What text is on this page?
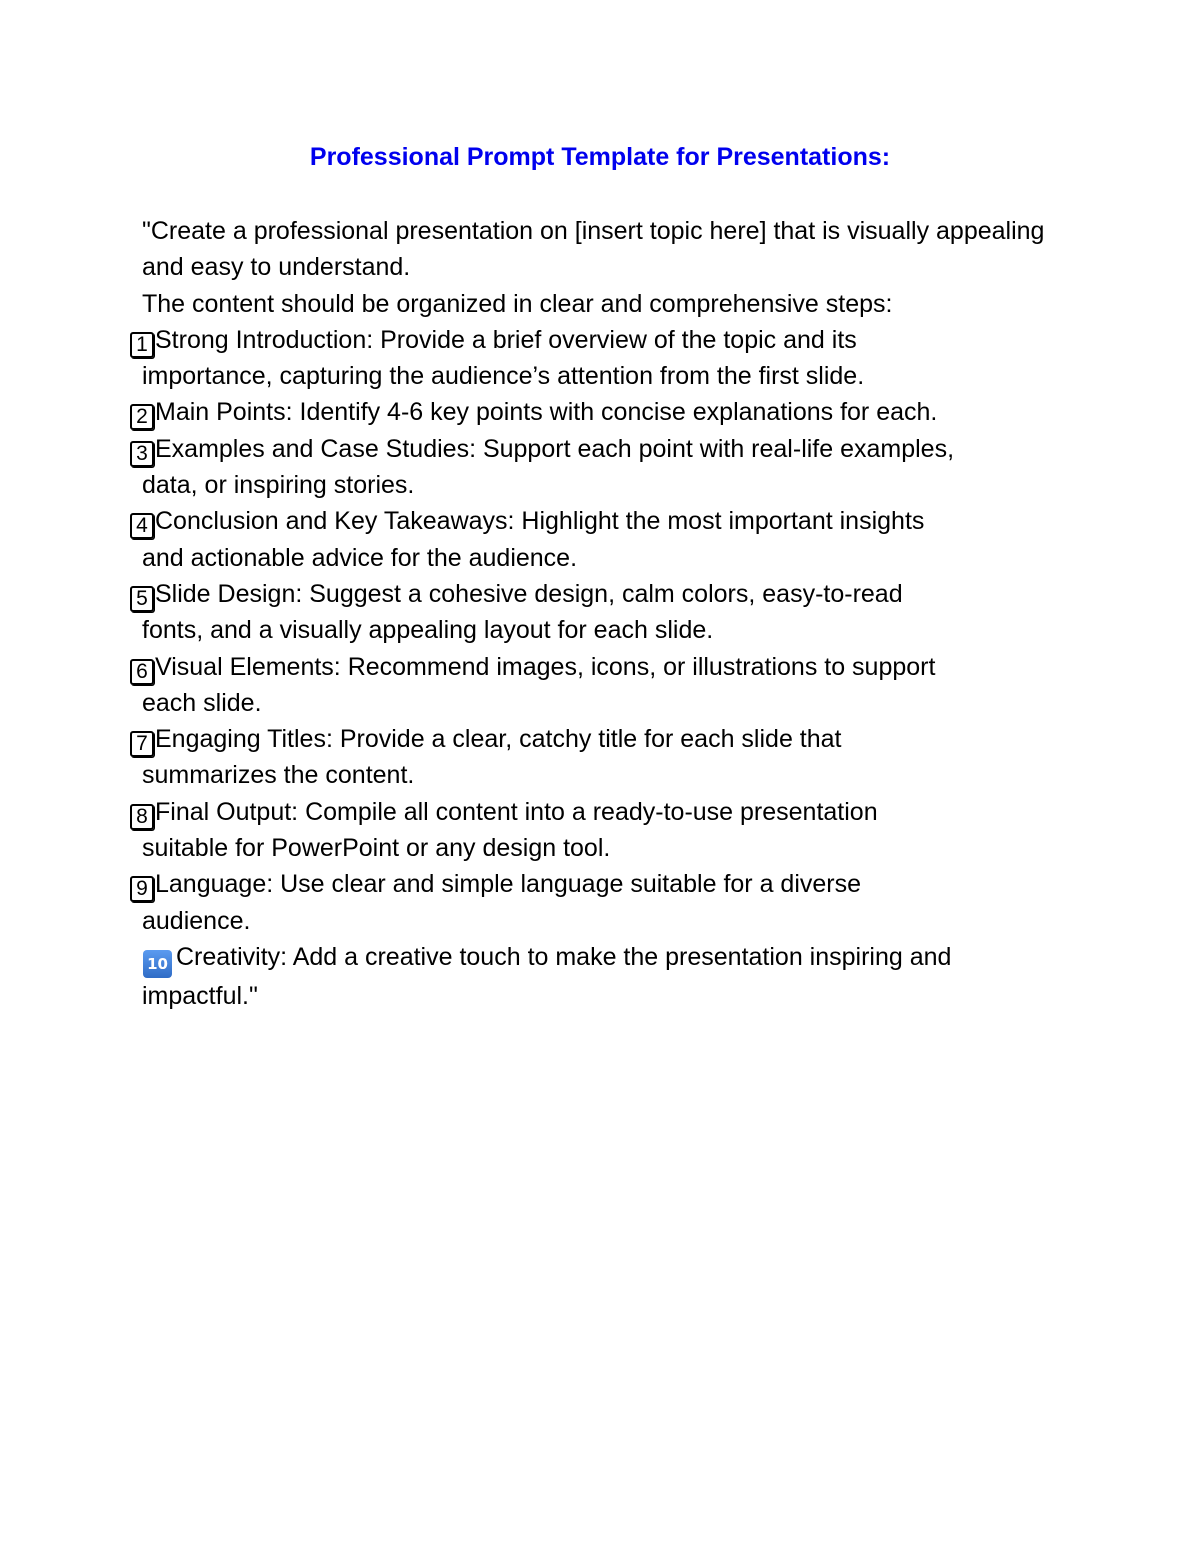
Professional Prompt Template for Presentations:

"Create a professional presentation on [insert topic here] that is visually appealing and easy to understand.

The content should be organized in clear and comprehensive steps:

1 Strong Introduction: Provide a brief overview of the topic and its
importance, capturing the audience’s attention from the first slide.

2 Main Points: Identify 4-6 key points with concise explanations for each.

3 Examples and Case Studies: Support each point with real-life examples,
data, or inspiring stories.

4 Conclusion and Key Takeaways: Highlight the most important insights
and actionable advice for the audience.

5 Slide Design: Suggest a cohesive design, calm colors, easy-to-read
fonts, and a visually appealing layout for each slide.

6 Visual Elements: Recommend images, icons, or illustrations to support
each slide.

7 Engaging Titles: Provide a clear, catchy title for each slide that
summarizes the content.

8 Final Output: Compile all content into a ready-to-use presentation
suitable for PowerPoint or any design tool.

9 Language: Use clear and simple language suitable for a diverse
audience.

10 Creativity: Add a creative touch to make the presentation inspiring and impactful."
